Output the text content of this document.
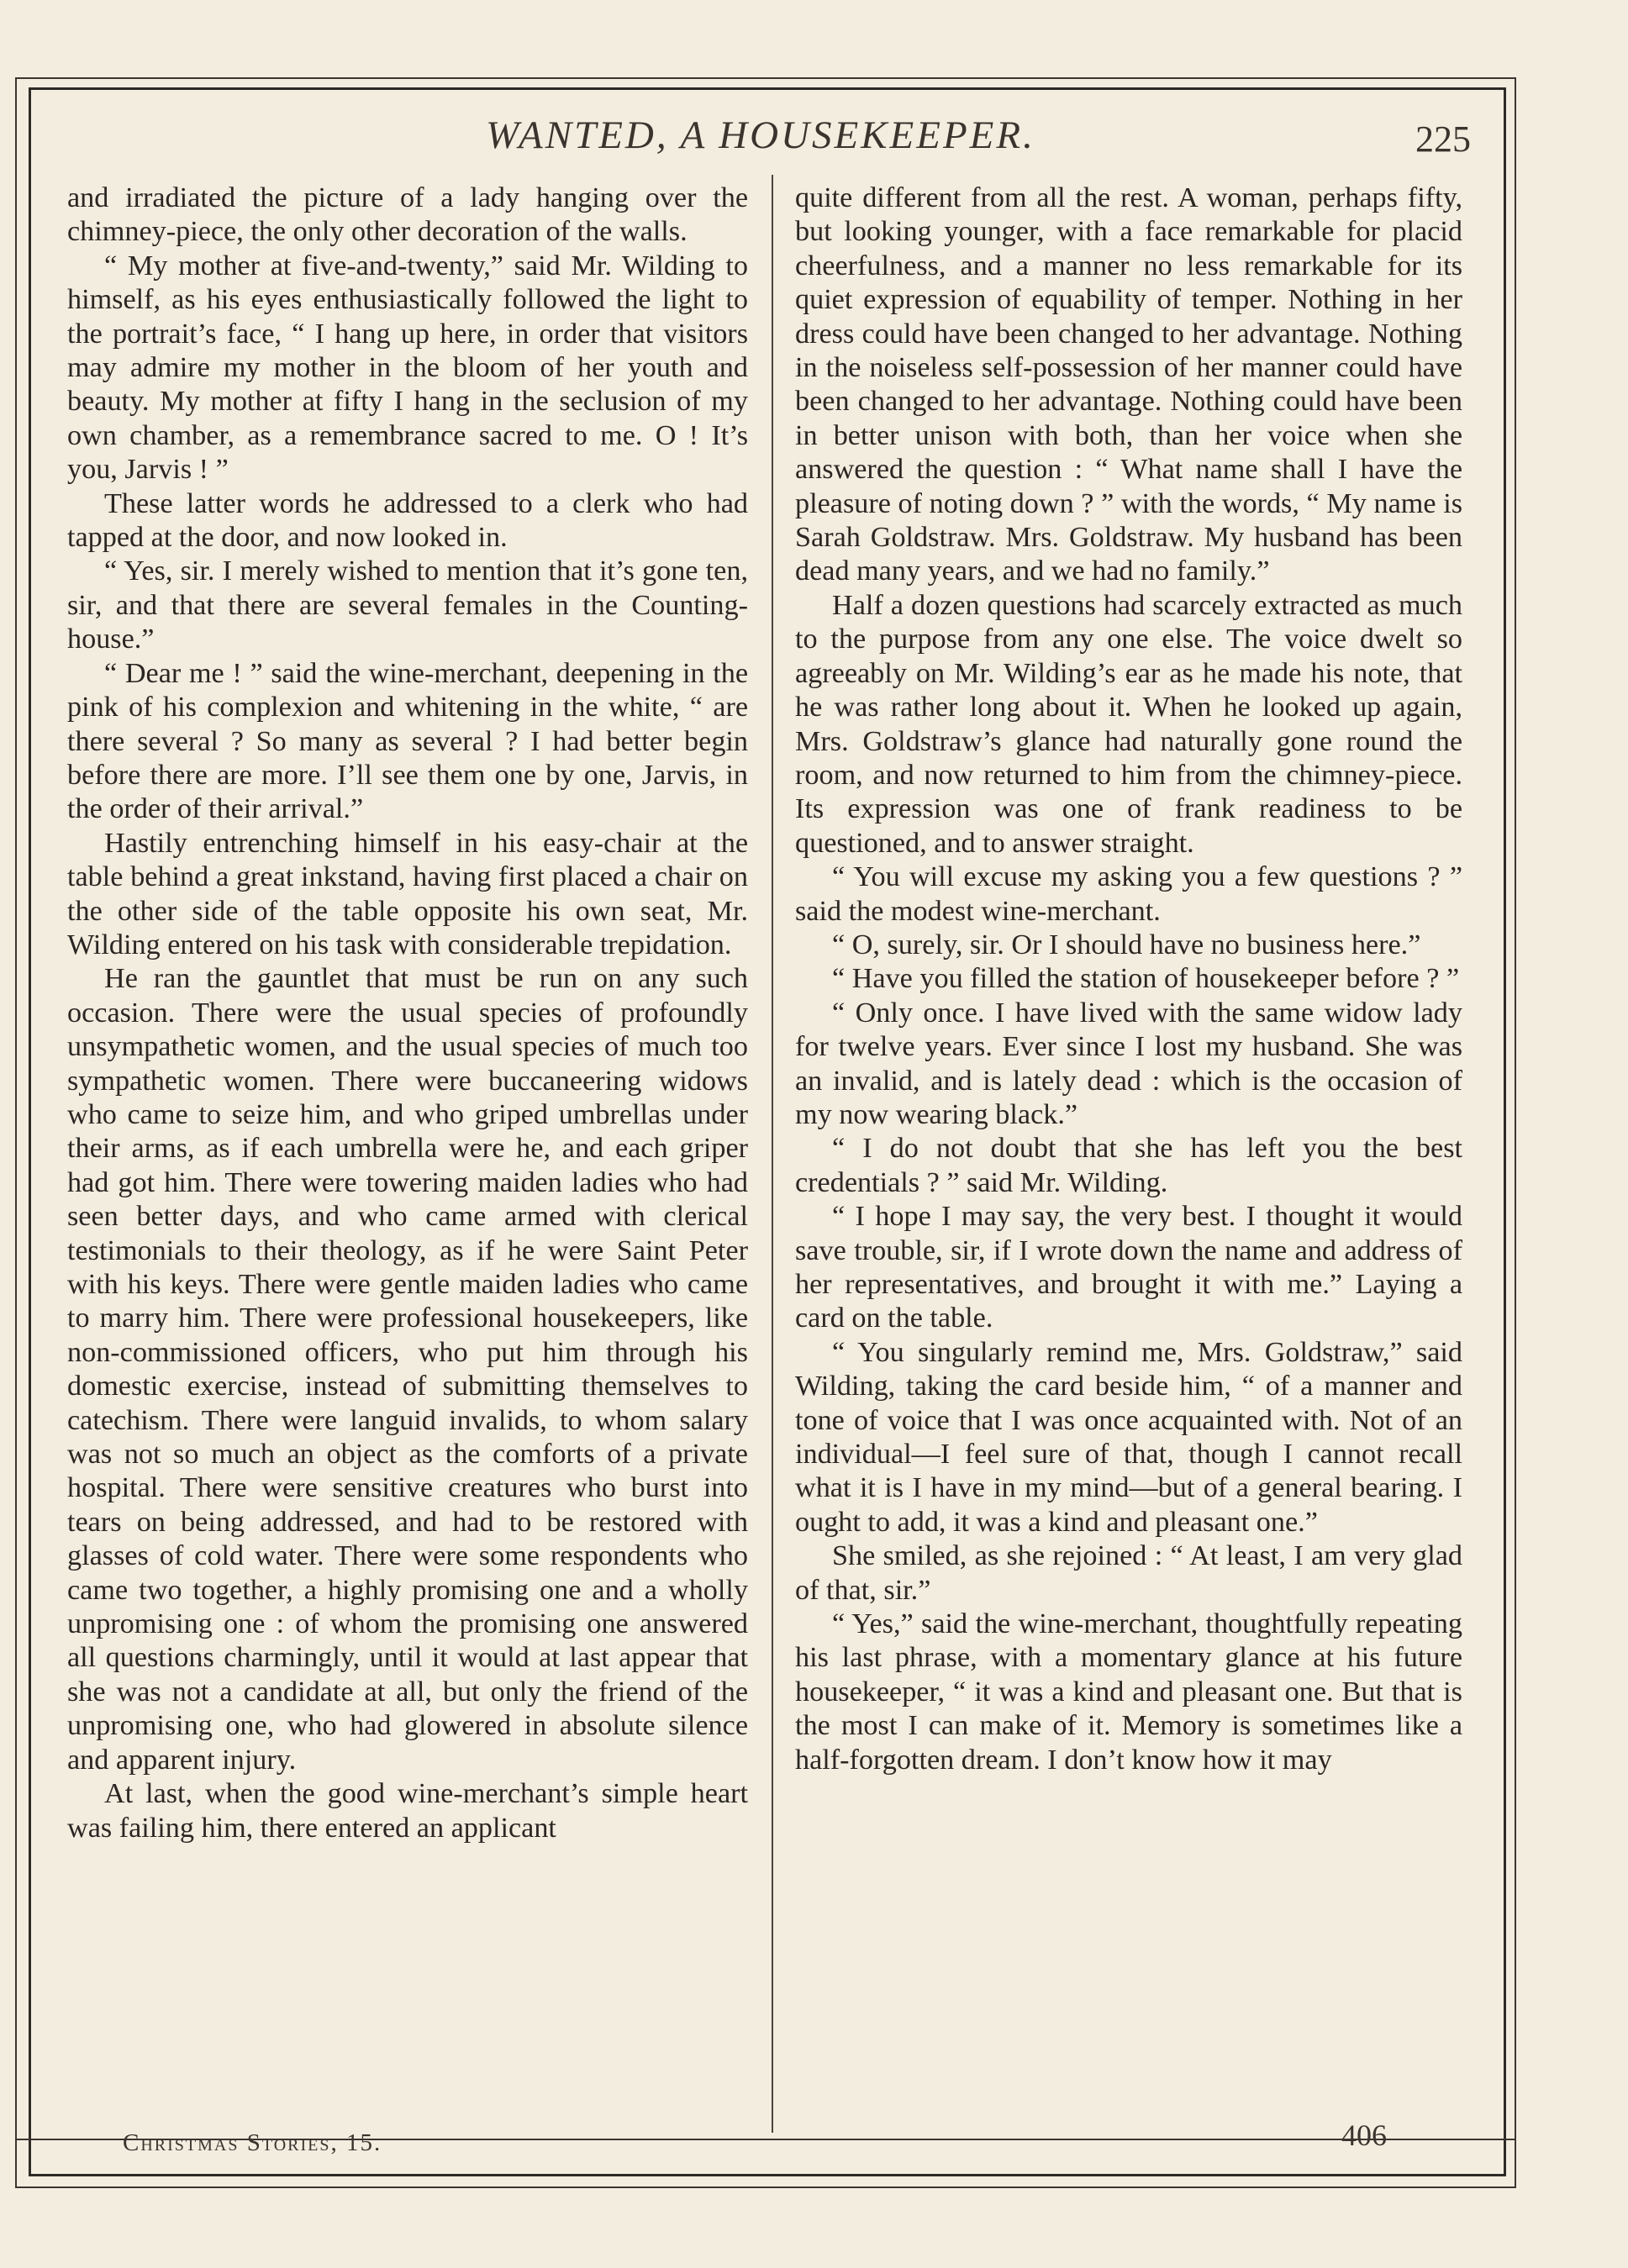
WANTED, A HOUSEKEEPER.	225

and irradiated the picture of a lady hanging over the chimney-piece, the only other decoration of the walls.

“ My mother at five-and-twenty,” said Mr. Wilding to himself, as his eyes enthusiastically followed the light to the portrait’s face, “ I hang up here, in order that visitors may admire my mother in the bloom of her youth and beauty. My mother at fifty I hang in the seclusion of my own chamber, as a remembrance sacred to me. O ! It’s you, Jarvis ! ”

These latter words he addressed to a clerk who had tapped at the door, and now looked in.

“ Yes, sir. I merely wished to mention that it’s gone ten, sir, and that there are several females in the Counting-house.”

“ Dear me ! ” said the wine-merchant, deepening in the pink of his complexion and whitening in the white, “ are there several ? So many as several ? I had better begin before there are more. I’ll see them one by one, Jarvis, in the order of their arrival.”

Hastily entrenching himself in his easy-chair at the table behind a great inkstand, having first placed a chair on the other side of the table opposite his own seat, Mr. Wilding entered on his task with considerable trepidation.

He ran the gauntlet that must be run on any such occasion. There were the usual species of profoundly unsympathetic women, and the usual species of much too sympathetic women. There were buccaneering widows who came to seize him, and who griped umbrellas under their arms, as if each umbrella were he, and each griper had got him. There were towering maiden ladies who had seen better days, and who came armed with clerical testimonials to their theology, as if he were Saint Peter with his keys. There were gentle maiden ladies who came to marry him. There were professional housekeepers, like non-commissioned officers, who put him through his domestic exercise, instead of submitting themselves to catechism. There were languid invalids, to whom salary was not so much an object as the comforts of a private hospital. There were sensitive creatures who burst into tears on being addressed, and had to be restored with glasses of cold water. There were some respondents who came two together, a highly promising one and a wholly unpromising one : of whom the promising one answered all questions charmingly, until it would at last appear that she was not a candidate at all, but only the friend of the unpromising one, who had glowered in absolute silence and apparent injury.

At last, when the good wine-merchant’s simple heart was failing him, there entered an applicant

quite different from all the rest. A woman, perhaps fifty, but looking younger, with a face remarkable for placid cheerfulness, and a manner no less remarkable for its quiet expression of equability of temper. Nothing in her dress could have been changed to her advantage. Nothing in the noiseless self-possession of her manner could have been changed to her advantage. Nothing could have been in better unison with both, than her voice when she answered the question : “ What name shall I have the pleasure of noting down ? ” with the words, “ My name is Sarah Goldstraw. Mrs. Goldstraw. My husband has been dead many years, and we had no family.”

Half a dozen questions had scarcely extracted as much to the purpose from any one else. The voice dwelt so agreeably on Mr. Wilding’s ear as he made his note, that he was rather long about it. When he looked up again, Mrs. Goldstraw’s glance had naturally gone round the room, and now returned to him from the chimney-piece. Its expression was one of frank readiness to be questioned, and to answer straight.

“ You will excuse my asking you a few questions ? ” said the modest wine-merchant.

“ O, surely, sir. Or I should have no business here.”

“ Have you filled the station of housekeeper before ? ”

“ Only once. I have lived with the same widow lady for twelve years. Ever since I lost my husband. She was an invalid, and is lately dead : which is the occasion of my now wearing black.”

“ I do not doubt that she has left you the best credentials ? ” said Mr. Wilding.

“ I hope I may say, the very best. I thought it would save trouble, sir, if I wrote down the name and address of her representatives, and brought it with me.” Laying a card on the table.

“ You singularly remind me, Mrs. Goldstraw,” said Wilding, taking the card beside him, “ of a manner and tone of voice that I was once acquainted with. Not of an individual—I feel sure of that, though I cannot recall what it is I have in my mind—but of a general bearing. I ought to add, it was a kind and pleasant one.”

She smiled, as she rejoined : “ At least, I am very glad of that, sir.”

“ Yes,” said the wine-merchant, thoughtfully repeating his last phrase, with a momentary glance at his future housekeeper, “ it was a kind and pleasant one. But that is the most I can make of it. Memory is sometimes like a half-forgotten dream. I don’t know how it may

Christmas Stories, 15.	406
